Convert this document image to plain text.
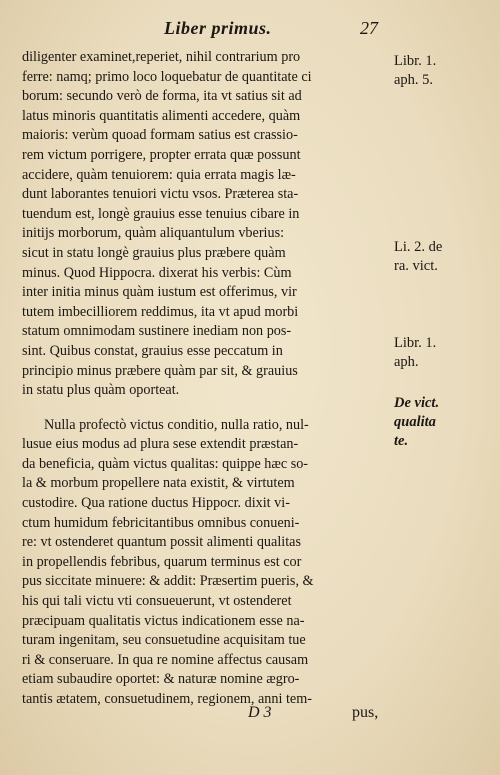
Liber primus.	27
diligenter examinet,reperiet, nihil contrarium pro
ferre: namq; primo loco loquebatur de quantitate ci
borum: secundo verò de forma, ita vt satius sit ad
latus minoris quantitatis alimenti accedere, quàm
maioris: verùm quoad formam satius est crassio-
rem victum porrigere, propter errata quæ possunt
accidere, quàm tenuiorem: quia errata magis læ-
dunt laborantes tenuiori victu vsos. Præterea sta-
tuendum est, longè grauius esse tenuius cibare in
initijs morborum, quàm aliquantulum vberius:
sicut in statu longè grauius plus præbere quàm
minus. Quod Hippocra. dixerat his verbis: Cùm
inter initia minus quàm iustum est offerimus, vir
tutem imbecilliorem reddimus, ita vt apud morbi
statum omnimodam sustinere inediam non pos-
sint. Quibus constat, grauius esse peccatum in
principio minus præbere quàm par sit, & grauius
in statu plus quàm oporteat.
Nulla profectò victus conditio, nulla ratio, nul-
lusue eius modus ad plura sese extendit præstan-
da beneficia, quàm victus qualitas: quippe hæc so-
la & morbum propellere nata existit, & virtutem
custodire. Qua ratione ductus Hippocr. dixit vi-
ctum humidum febricitantibus omnibus conueni-
re: vt ostenderet quantum possit alimenti qualitas
in propellendis febribus, quarum terminus est cor
pus siccitate minuere: & addit: Præsertim pueris, &
his qui tali victu vti consueuerunt, vt ostenderet
præcipuam qualitatis victus indicationem esse na-
turam ingenitam, seu consuetudine acquisitam tue
ri & conseruare. In qua re nomine affectus causam
etiam subaudire oportet: & naturæ nomine ægro-
tantis ætatem, consuetudinem, regionem, anni tem-
Libr. 1.
aph. 5.
Li. 2. de
ra. vict.
Libr. 1.
aph.
De vict.
qualita
te.
D 3	pus,
